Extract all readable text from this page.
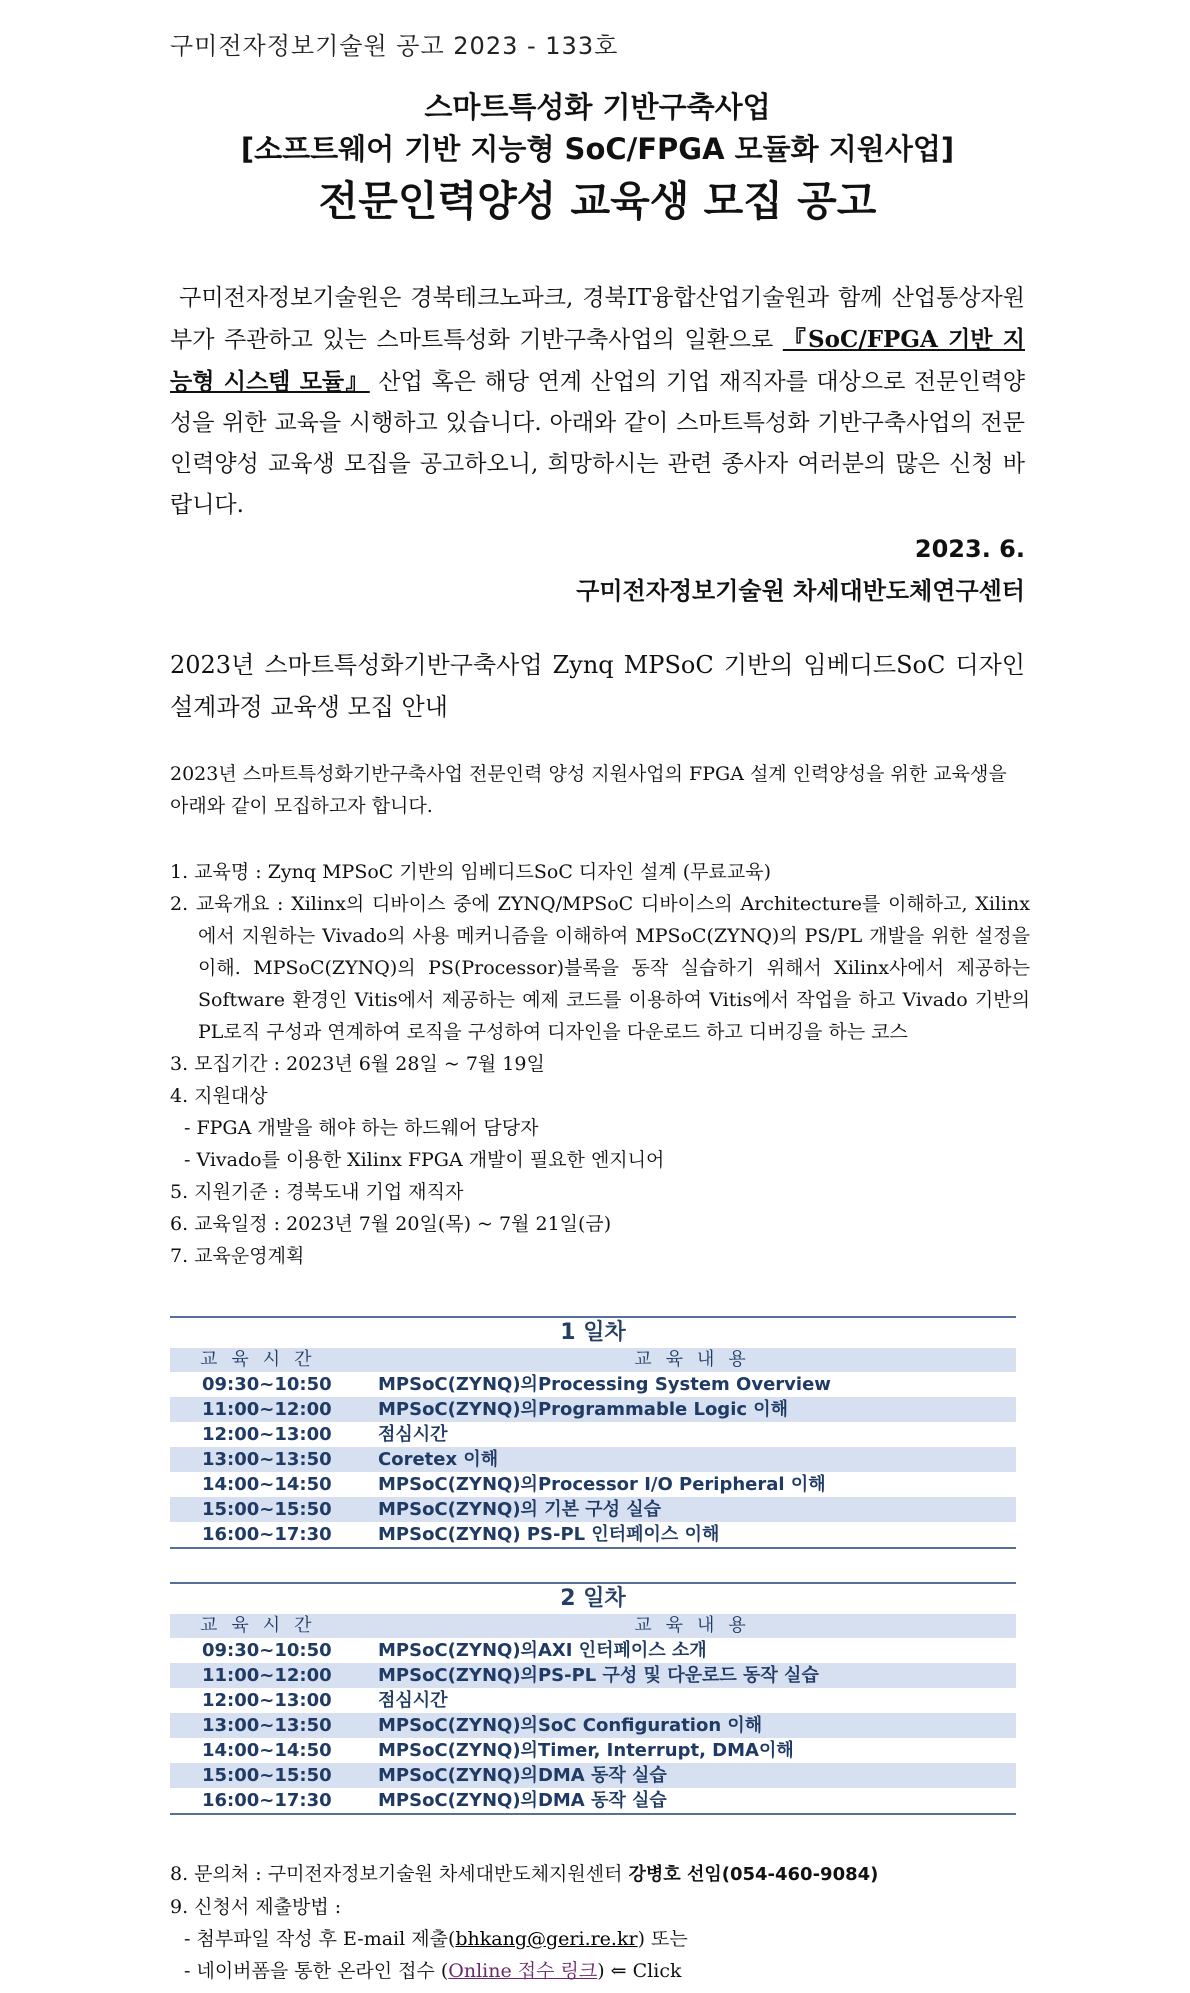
구미전자정보기술원 공고 2023 - 133호
스마트특성화 기반구축사업
[소프트웨어 기반 지능형 SoC/FPGA 모듈화 지원사업]
전문인력양성 교육생 모집 공고
구미전자정보기술원은 경북테크노파크, 경북IT융합산업기술원과 함께 산업통상자원부가 주관하고 있는 스마트특성화 기반구축사업의 일환으로 『SoC/FPGA 기반 지능형 시스템 모듈』 산업 혹은 해당 연계 산업의 기업 재직자를 대상으로 전문인력양성을 위한 교육을 시행하고 있습니다. 아래와 같이 스마트특성화 기반구축사업의 전문인력양성 교육생 모집을 공고하오니, 희망하시는 관련 종사자 여러분의 많은 신청 바랍니다.
2023. 6.
구미전자정보기술원 차세대반도체연구센터
2023년 스마트특성화기반구축사업 Zynq MPSoC 기반의 임베디드SoC 디자인 설계과정 교육생 모집 안내
2023년 스마트특성화기반구축사업 전문인력 양성 지원사업의 FPGA 설계 인력양성을 위한 교육생을 아래와 같이 모집하고자 합니다.
1. 교육명 : Zynq MPSoC 기반의 임베디드SoC 디자인 설계 (무료교육)
2. 교육개요 : Xilinx의 디바이스 중에 ZYNQ/MPSoC 디바이스의 Architecture를 이해하고, Xilinx에서 지원하는 Vivado의 사용 메커니즘을 이해하여 MPSoC(ZYNQ)의 PS/PL 개발을 위한 설정을 이해. MPSoC(ZYNQ)의 PS(Processor)블록을 동작 실습하기 위해서 Xilinx사에서 제공하는 Software 환경인 Vitis에서 제공하는 예제 코드를 이용하여 Vitis에서 작업을 하고 Vivado 기반의 PL로직 구성과 연계하여 로직을 구성하여 디자인을 다운로드 하고 디버깅을 하는 코스
3. 모집기간 : 2023년 6월 28일 ~ 7월 19일
4. 지원대상
- FPGA 개발을 해야 하는 하드웨어 담당자
- Vivado를 이용한 Xilinx FPGA 개발이 필요한 엔지니어
5. 지원기준 : 경북도내 기업 재직자
6. 교육일정 : 2023년 7월 20일(목) ~ 7월 21일(금)
7. 교육운영계획
1 일차
교육시간	교육내용
09:30~10:50	MPSoC(ZYNQ)의Processing System Overview
11:00~12:00	MPSoC(ZYNQ)의Programmable Logic 이해
12:00~13:00	점심시간
13:00~13:50	Coretex 이해
14:00~14:50	MPSoC(ZYNQ)의Processor I/O Peripheral 이해
15:00~15:50	MPSoC(ZYNQ)의 기본 구성 실습
16:00~17:30	MPSoC(ZYNQ) PS-PL 인터페이스 이해
2 일차
교육시간	교육내용
09:30~10:50	MPSoC(ZYNQ)의AXI 인터페이스 소개
11:00~12:00	MPSoC(ZYNQ)의PS-PL 구성 및 다운로드 동작 실습
12:00~13:00	점심시간
13:00~13:50	MPSoC(ZYNQ)의SoC Configuration 이해
14:00~14:50	MPSoC(ZYNQ)의Timer, Interrupt, DMA이해
15:00~15:50	MPSoC(ZYNQ)의DMA 동작 실습
16:00~17:30	MPSoC(ZYNQ)의DMA 동작 실습
8. 문의처 : 구미전자정보기술원 차세대반도체지원센터 강병호 선임(054-460-9084)
9. 신청서 제출방법 :
- 첨부파일 작성 후 E-mail 제출(bhkang@geri.re.kr) 또는
- 네이버폼을 통한 온라인 접수 (Online 접수 링크) ⇐ Click
